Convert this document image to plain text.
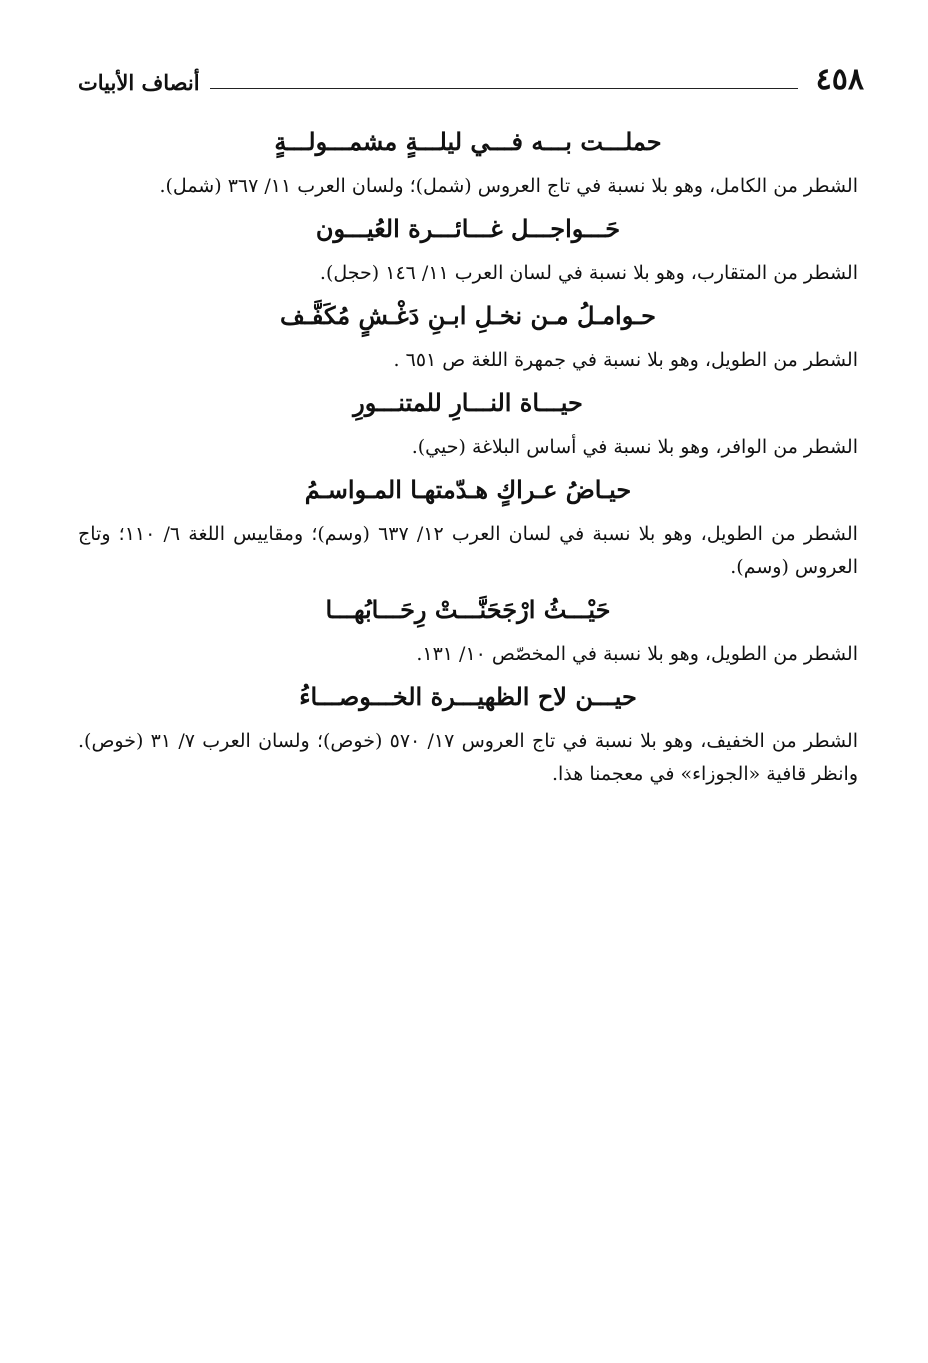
٤٥٨
أنصاف الأبيات
حملـــت بـــه فـــي ليلـــةٍ مشمـــولـــةٍ

الشطر من الكامل، وهو بلا نسبة في تاج العروس (شمل)؛ ولسان العرب ١١/ ٣٦٧ (شمل).

حَـــواجـــل غـــائـــرة العُيـــون

الشطر من المتقارب، وهو بلا نسبة في لسان العرب ١١/ ١٤٦ (حجل).

حـوامـلُ مـن نخـلِ ابـنِ دَغْـشٍ مُكَفَّـف

الشطر من الطويل، وهو بلا نسبة في جمهرة اللغة ص ٦٥١ .

حيـــاة النـــارِ للمتنـــورِ

الشطر من الوافر، وهو بلا نسبة في أساس البلاغة (حيي).

حيـاضُ عـراكٍ هـدّمتهـا المـواسـمُ

الشطر من الطويل، وهو بلا نسبة في لسان العرب ١٢/ ٦٣٧ (وسم)؛ ومقاييس اللغة ٦/ ١١٠؛ وتاج العروس (وسم).

حَيْـــثُ ارْجَحَنَّـــتْ رِحَـــابُهـــا

الشطر من الطويل، وهو بلا نسبة في المخصّص ١٠/ ١٣١.

حيـــن لاح الظهيـــرة الخـــوصـــاءُ

الشطر من الخفيف، وهو بلا نسبة في تاج العروس ١٧/ ٥٧٠ (خوص)؛ ولسان العرب ٧/ ٣١ (خوص). وانظر قافية «الجوزاء» في معجمنا هذا.
